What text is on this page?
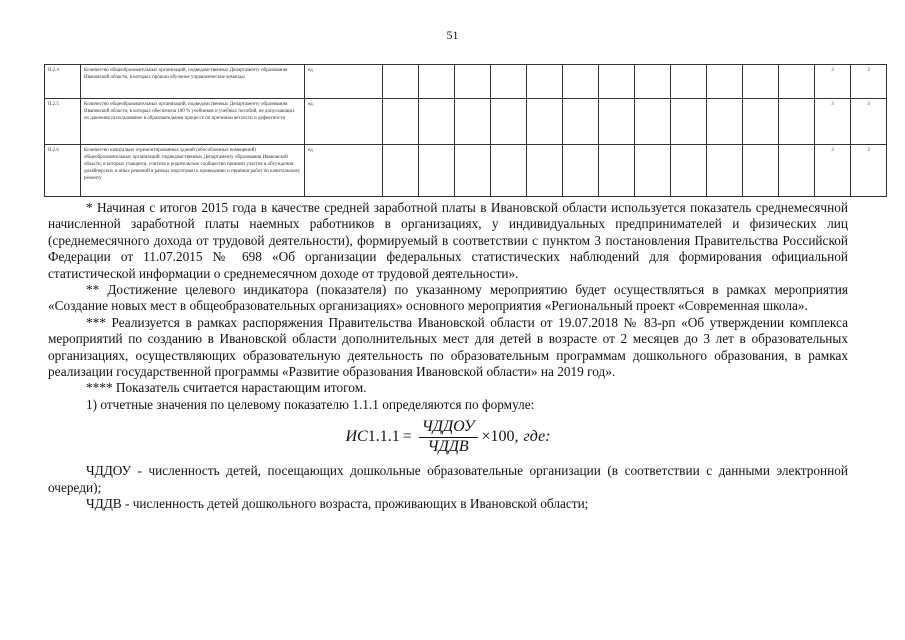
51
II.2.4	Количество общеобразовательных организаций, подведомственных Департаменту образования Ивановской области, в которых прошли обучение управленческие команды	ед.													3	3
II.2.5	Количество общеобразовательных организаций, подведомственных Департаменту образования Ивановской области, в которых обеспечена 100 % учебников и учебных пособий, не допускающих их давления использование в образовательном процессе по причинам ветхости и дефектности	ед.													3	3
II.2.6	Количество капитально отремонтированных зданий (обособленных помещений) общеобразовательных организаций, подведомственных Департаменту образования Ивановской области, в которых учащиеся, учителя и родительское сообщество приняли участие в обсуждении дизайнерских и иных решений в рамках подготовки к проведению и приемки работ по капитальному ремонту	ед.													3	3

* Начиная с итогов 2015 года в качестве средней заработной платы в Ивановской области используется показатель среднемесячной начисленной заработной платы наемных работников в организациях, у индивидуальных предпринимателей и физических лиц (среднемесячного дохода от трудовой деятельности), формируемый в соответствии с пунктом 3 постановления Правительства Российской Федерации от 11.07.2015 № 698 «Об организации федеральных статистических наблюдений для формирования официальной статистической информации о среднемесячном доходе от трудовой деятельности».

** Достижение целевого индикатора (показателя) по указанному мероприятию будет осуществляться в рамках мероприятия «Создание новых мест в общеобразовательных организациях» основного мероприятия «Региональный проект «Современная школа».

*** Реализуется в рамках распоряжения Правительства Ивановской области от 19.07.2018 № 83-рп «Об утверждении комплекса мероприятий по созданию в Ивановской области дополнительных мест для детей в возрасте от 2 месяцев до 3 лет в образовательных организациях, осуществляющих образовательную деятельность по образовательным программам дошкольного образования, в рамках реализации государственной программы «Развитие образования Ивановской области» на 2019 год».

**** Показатель считается нарастающим итогом.

1) отчетные значения по целевому показателю 1.1.1 определяются по формуле:

ИС $1.1.1 = \frac{\text{ЧДДОУ}}{\text{ЧДДВ}} \times 100$, где:

ЧДДОУ - численность детей, посещающих дошкольные образовательные организации (в соответствии с данными электронной очереди);

ЧДДВ - численность детей дошкольного возраста, проживающих в Ивановской области;
